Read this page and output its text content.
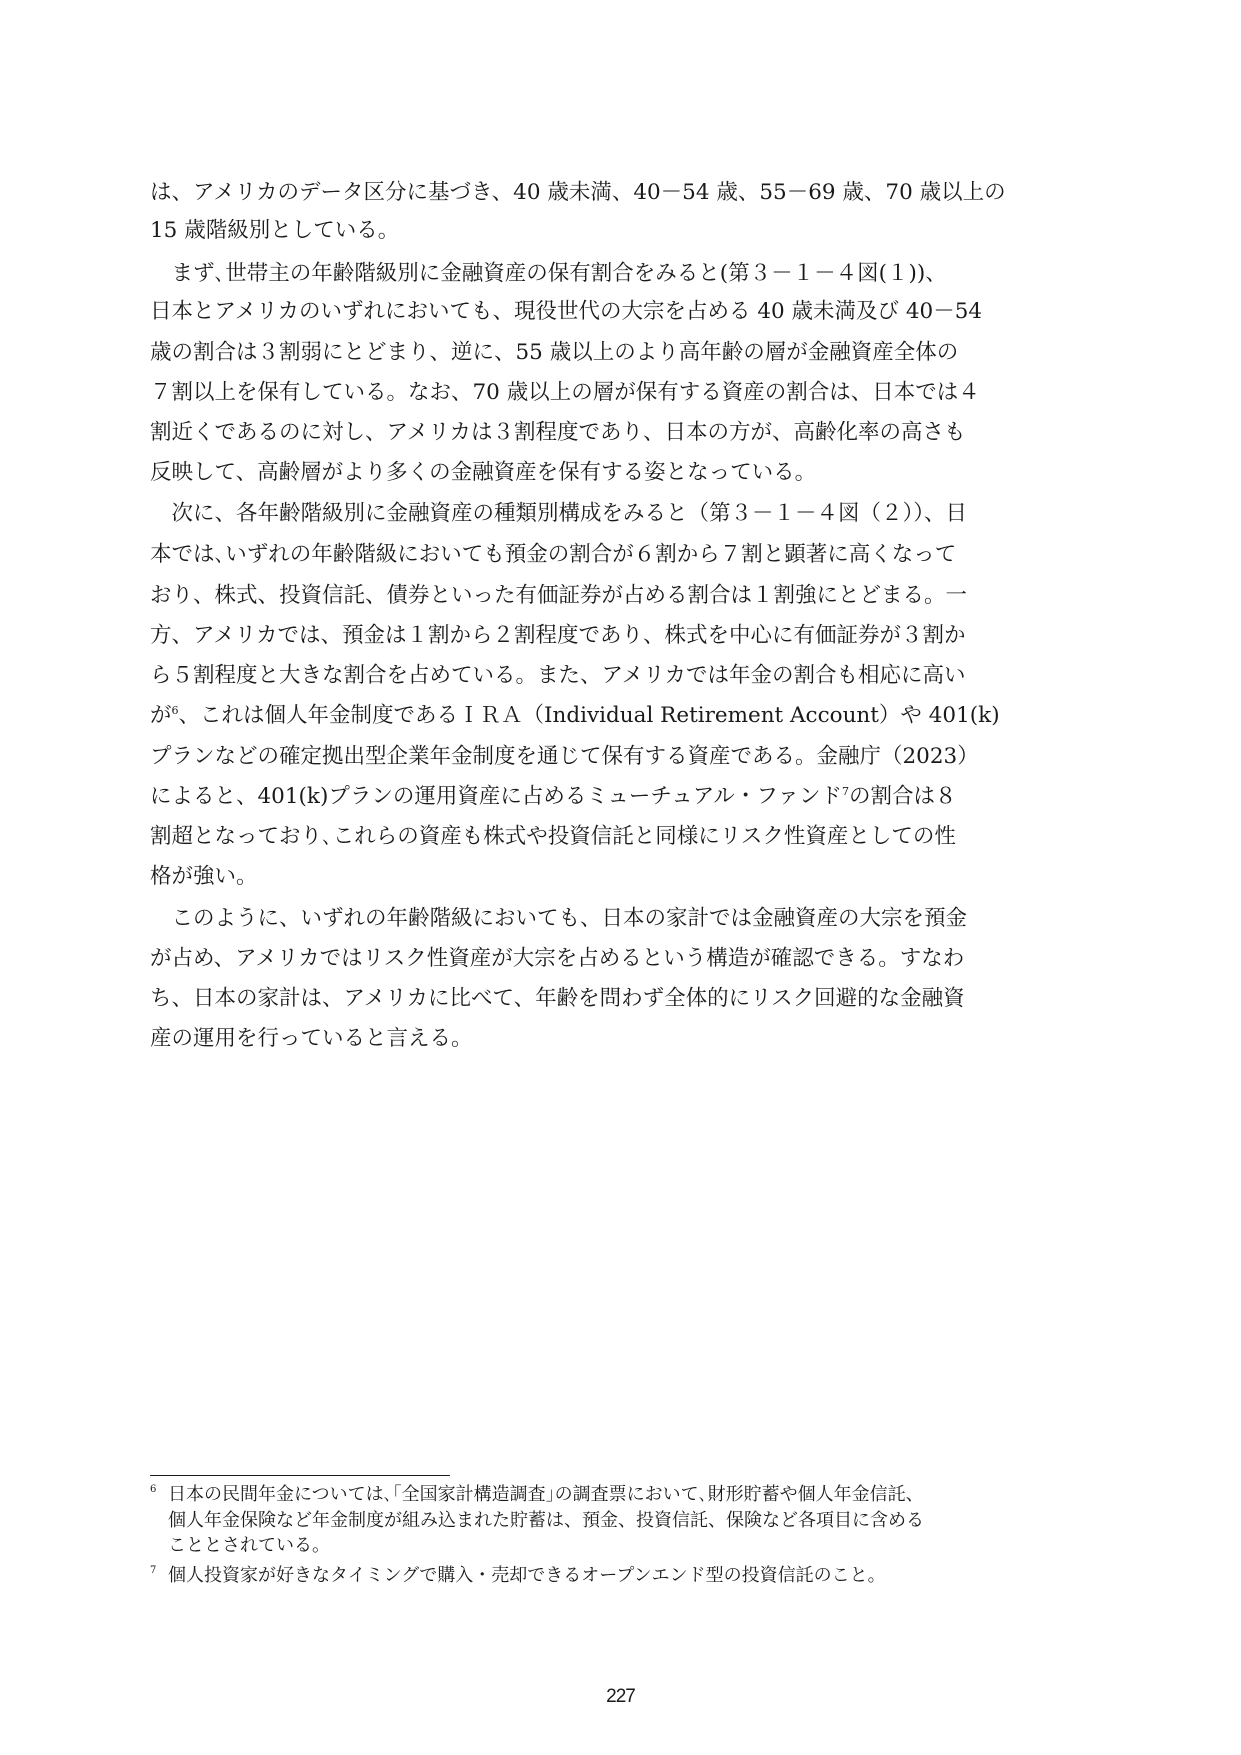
は、アメリカのデータ区分に基づき、40 歳未満、40－54 歳、55－69 歳、70 歳以上の
15 歳階級別としている。
　まず､世帯主の年齢階級別に金融資産の保有割合をみると(第３－１－４図(１))、
日本とアメリカのいずれにおいても、現役世代の大宗を占める 40 歳未満及び 40－54
歳の割合は３割弱にとどまり、逆に、55 歳以上のより高年齢の層が金融資産全体の
７割以上を保有している。なお、70 歳以上の層が保有する資産の割合は、日本では４
割近くであるのに対し、アメリカは３割程度であり、日本の方が、高齢化率の高さも
反映して、高齢層がより多くの金融資産を保有する姿となっている。
　次に、各年齢階級別に金融資産の種類別構成をみると（第３－１－４図（２））、日
本では､いずれの年齢階級においても預金の割合が６割から７割と顕著に高くなって
おり、株式、投資信託、債券といった有価証券が占める割合は１割強にとどまる。一
方、アメリカでは、預金は１割から２割程度であり、株式を中心に有価証券が３割か
ら５割程度と大きな割合を占めている。また、アメリカでは年金の割合も相応に高い
が$^6$、これは個人年金制度であるＩＲＡ（Individual Retirement Account）や 401(k)
プランなどの確定拠出型企業年金制度を通じて保有する資産である。金融庁（2023）
によると、401(k)プランの運用資産に占めるミューチュアル・ファンド$^7$の割合は８
割超となっており､これらの資産も株式や投資信託と同様にリスク性資産としての性
格が強い。
　このように、いずれの年齢階級においても、日本の家計では金融資産の大宗を預金
が占め、アメリカではリスク性資産が大宗を占めるという構造が確認できる。すなわ
ち、日本の家計は、アメリカに比べて、年齢を問わず全体的にリスク回避的な金融資
産の運用を行っていると言える。
6 日本の民間年金については､｢全国家計構造調査｣の調査票において､財形貯蓄や個人年金信託、
個人年金保険など年金制度が組み込まれた貯蓄は、預金、投資信託、保険など各項目に含める
こととされている。
7 個人投資家が好きなタイミングで購入・売却できるオープンエンド型の投資信託のこと。
227
